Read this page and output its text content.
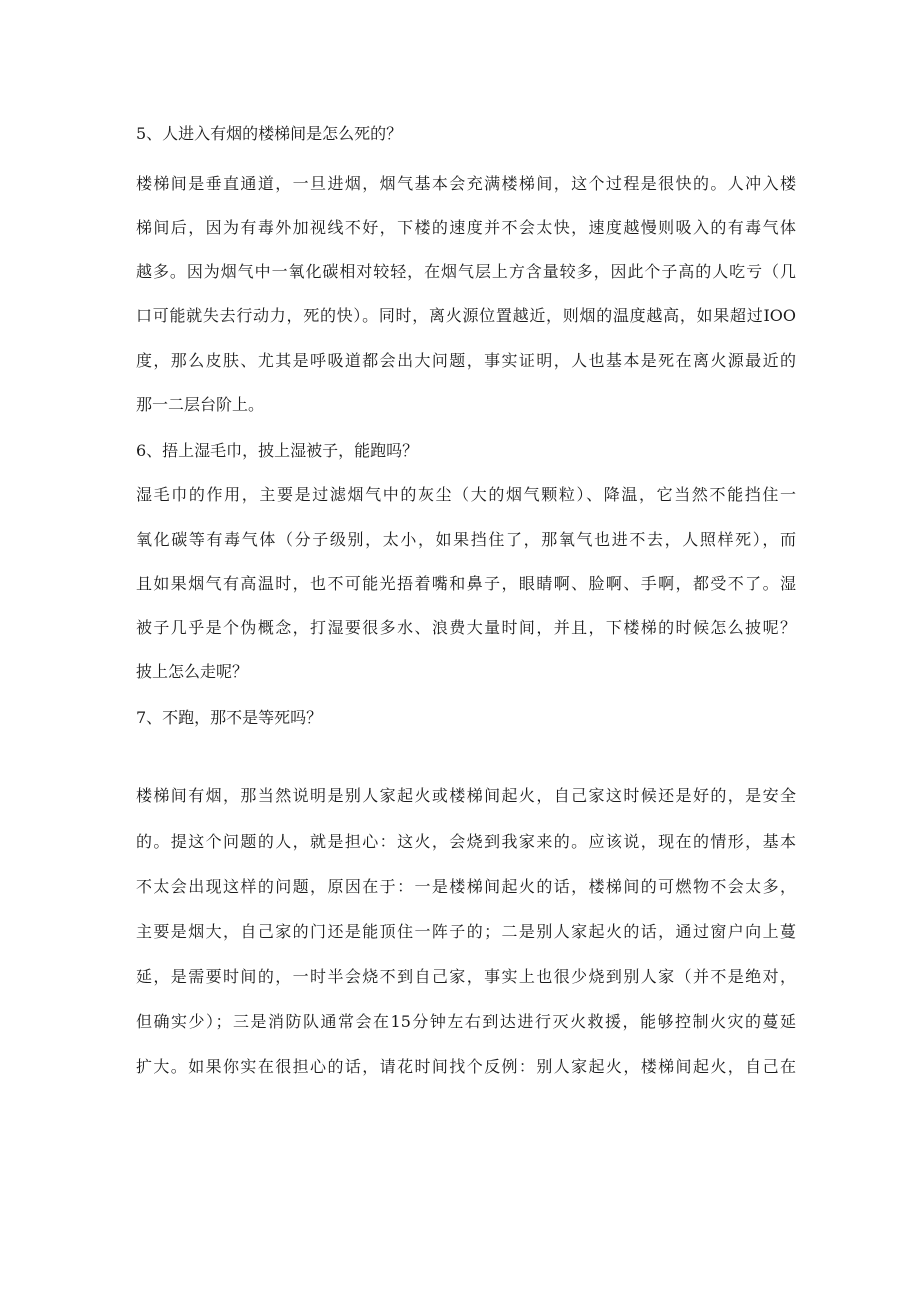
5、人进入有烟的楼梯间是怎么死的？
楼梯间是垂直通道，一旦进烟，烟气基本会充满楼梯间，这个过程是很快的。人冲入楼
梯间后，因为有毒外加视线不好，下楼的速度并不会太快，速度越慢则吸入的有毒气体
越多。因为烟气中一氧化碳相对较轻，在烟气层上方含量较多，因此个子高的人吃亏（几
口可能就失去行动力，死的快）。同时，离火源位置越近，则烟的温度越高，如果超过IOO
度，那么皮肤、尤其是呼吸道都会出大问题，事实证明，人也基本是死在离火源最近的
那一二层台阶上。
6、捂上湿毛巾，披上湿被子，能跑吗？
湿毛巾的作用，主要是过滤烟气中的灰尘（大的烟气颗粒）、降温，它当然不能挡住一
氧化碳等有毒气体（分子级别，太小，如果挡住了，那氧气也进不去，人照样死），而
且如果烟气有高温时，也不可能光捂着嘴和鼻子，眼睛啊、脸啊、手啊，都受不了。湿
被子几乎是个伪概念，打湿要很多水、浪费大量时间，并且，下楼梯的时候怎么披呢？
披上怎么走呢？
7、不跑，那不是等死吗？
楼梯间有烟，那当然说明是别人家起火或楼梯间起火，自己家这时候还是好的，是安全
的。提这个问题的人，就是担心：这火，会烧到我家来的。应该说，现在的情形，基本
不太会出现这样的问题，原因在于：一是楼梯间起火的话，楼梯间的可燃物不会太多，
主要是烟大，自己家的门还是能顶住一阵子的；二是别人家起火的话，通过窗户向上蔓
延，是需要时间的，一时半会烧不到自己家，事实上也很少烧到别人家（并不是绝对，
但确实少）；三是消防队通常会在15分钟左右到达进行灭火救援，能够控制火灾的蔓延
扩大。如果你实在很担心的话，请花时间找个反例：别人家起火，楼梯间起火，自己在
